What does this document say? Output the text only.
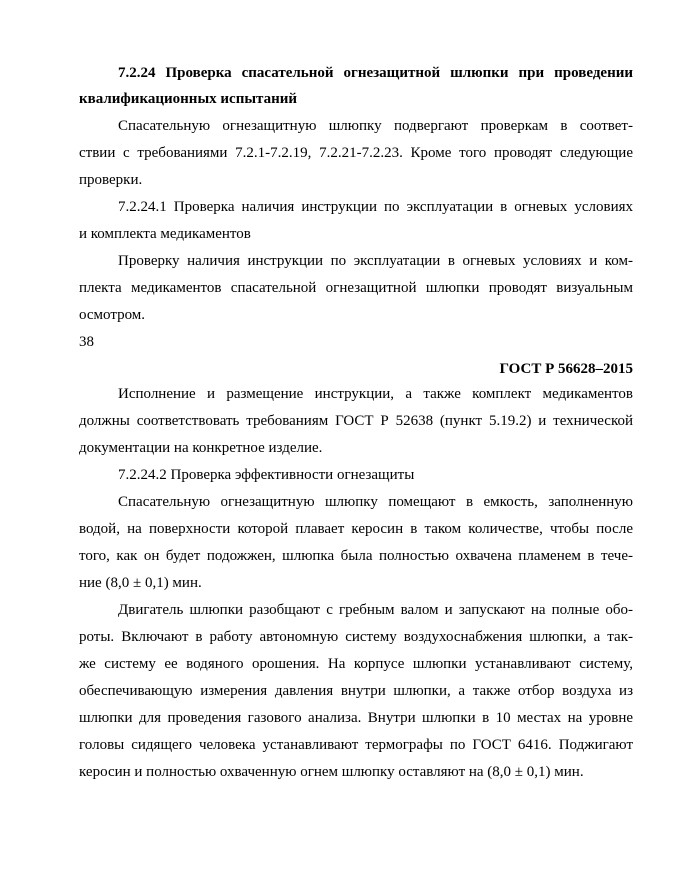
7.2.24 Проверка спасательной огнезащитной шлюпки при проведении
квалификационных испытаний
Спасательную огнезащитную шлюпку подвергают проверкам в соответ-
ствии с требованиями 7.2.1-7.2.19, 7.2.21-7.2.23. Кроме того проводят следующие
проверки.
7.2.24.1 Проверка наличия инструкции по эксплуатации в огневых условиях
и комплекта медикаментов
Проверку наличия инструкции по эксплуатации в огневых условиях и ком-
плекта медикаментов спасательной огнезащитной шлюпки проводят визуальным
осмотром.
38
ГОСТ Р 56628–2015
Исполнение и размещение инструкции, а также комплект медикаментов
должны соответствовать требованиям ГОСТ Р 52638 (пункт 5.19.2) и технической
документации на конкретное изделие.
7.2.24.2 Проверка эффективности огнезащиты
Спасательную огнезащитную шлюпку помещают в емкость, заполненную
водой, на поверхности которой плавает керосин в таком количестве, чтобы после
того, как он будет подожжен, шлюпка была полностью охвачена пламенем в тече-
ние (8,0 ± 0,1) мин.
Двигатель шлюпки разобщают с гребным валом и запускают на полные обо-
роты. Включают в работу автономную систему воздухоснабжения шлюпки, а так-
же систему ее водяного орошения. На корпусе шлюпки устанавливают систему,
обеспечивающую измерения давления внутри шлюпки, а также отбор воздуха из
шлюпки для проведения газового анализа. Внутри шлюпки в 10 местах на уровне
головы сидящего человека устанавливают термографы по ГОСТ 6416. Поджигают
керосин и полностью охваченную огнем шлюпку оставляют на (8,0 ± 0,1) мин.
